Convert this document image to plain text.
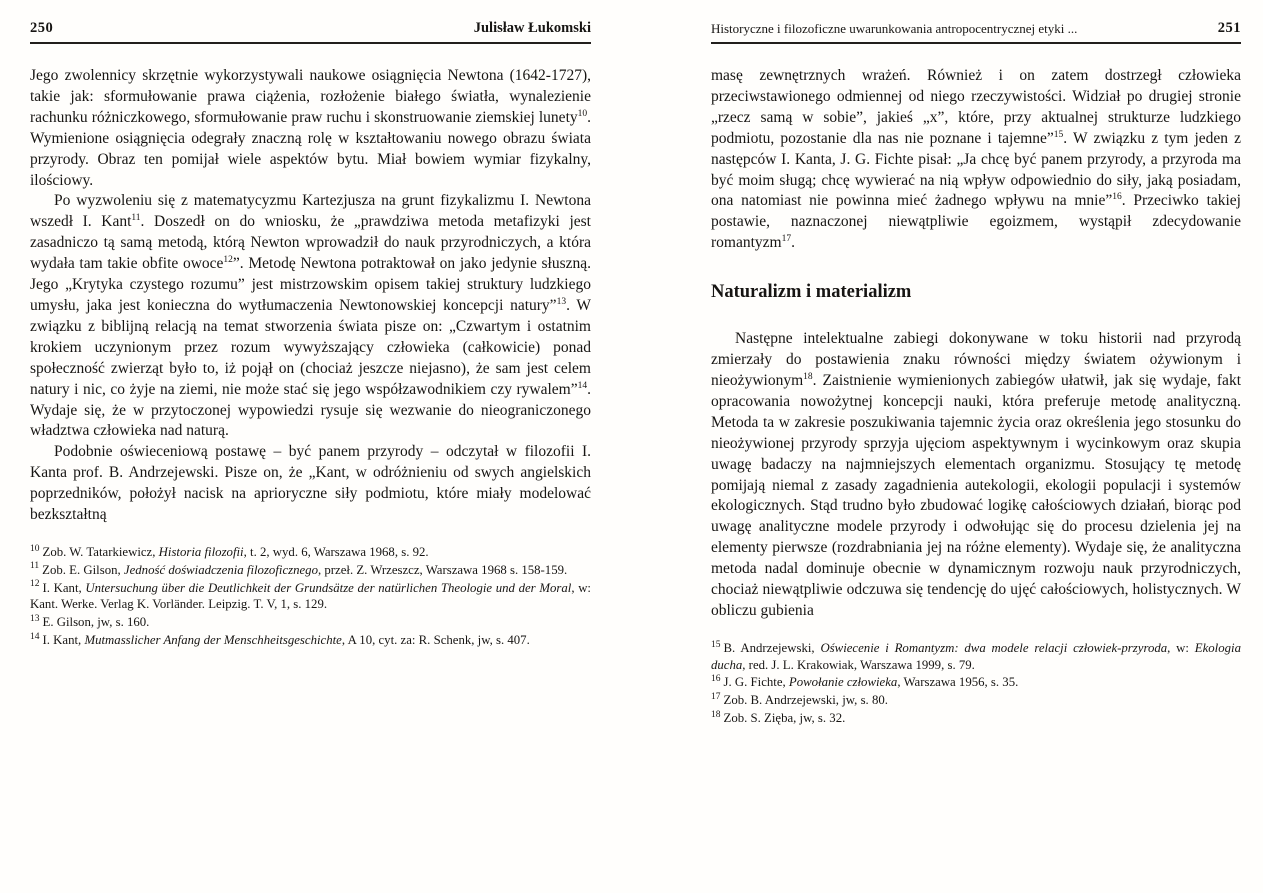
250	Julisław Łukomski

Jego zwolennicy skrzętnie wykorzystywali naukowe osiągnięcia Newtona (1642-1727), takie jak: sformułowanie prawa ciążenia, rozłożenie białego światła, wynalezienie rachunku różniczkowego, sformułowanie praw ruchu i skonstruowanie ziemskiej lunety$^{10}$. Wymienione osiągnięcia odegrały znaczną rolę w kształtowaniu nowego obrazu świata przyrody. Obraz ten pomijał wiele aspektów bytu. Miał bowiem wymiar fizykalny, ilościowy.

Po wyzwoleniu się z matematycyzmu Kartezjusza na grunt fizykalizmu I. Newtona wszedł I. Kant$^{11}$. Doszedł on do wniosku, że „prawdziwa metoda metafizyki jest zasadniczo tą samą metodą, którą Newton wprowadził do nauk przyrodniczych, a która wydała tam takie obfite owoce$^{12}$”. Metodę Newtona potraktował on jako jedynie słuszną. Jego „Krytyka czystego rozumu” jest mistrzowskim opisem takiej struktury ludzkiego umysłu, jaka jest konieczna do wytłumaczenia Newtonowskiej koncepcji natury”$^{13}$. W związku z biblijną relacją na temat stworzenia świata pisze on: „Czwartym i ostatnim krokiem uczynionym przez rozum wywyższający człowieka (całkowicie) ponad społeczność zwierząt było to, iż pojął on (chociaż jeszcze niejasno), że sam jest celem natury i nic, co żyje na ziemi, nie może stać się jego współzawodnikiem czy rywalem”$^{14}$. Wydaje się, że w przytoczonej wypowiedzi rysuje się wezwanie do nieograniczonego władztwa człowieka nad naturą.

Podobnie oświeceniową postawę – być panem przyrody – odczytał w filozofii I. Kanta prof. B. Andrzejewski. Pisze on, że „Kant, w odróżnieniu od swych angielskich poprzedników, położył nacisk na aprioryczne siły podmiotu, które miały modelować bezkształtną

$^{10}$ Zob. W. Tatarkiewicz, Historia filozofii, t. 2, wyd. 6, Warszawa 1968, s. 92.

$^{11}$ Zob. E. Gilson, Jedność doświadczenia filozoficznego, przeł. Z. Wrzeszcz, Warszawa 1968 s. 158-159.

$^{12}$ I. Kant, Untersuchung über die Deutlichkeit der Grundsätze der natürlichen Theologie und der Moral, w: Kant. Werke. Verlag K. Vorländer. Leipzig. T. V, 1, s. 129.

$^{13}$ E. Gilson, jw, s. 160.

$^{14}$ I. Kant, Mutmasslicher Anfang der Menschheitsgeschichte, A 10, cyt. za: R. Schenk, jw, s. 407.

Historyczne i filozoficzne uwarunkowania antropocentrycznej etyki ...	251

masę zewnętrznych wrażeń. Również i on zatem dostrzegł człowieka przeciwstawionego odmiennej od niego rzeczywistości. Widział po drugiej stronie „rzecz samą w sobie”, jakieś „x”, które, przy aktualnej strukturze ludzkiego podmiotu, pozostanie dla nas nie poznane i tajemne”$^{15}$. W związku z tym jeden z następców I. Kanta, J. G. Fichte pisał: „Ja chcę być panem przyrody, a przyroda ma być moim sługą; chcę wywierać na nią wpływ odpowiednio do siły, jaką posiadam, ona natomiast nie powinna mieć żadnego wpływu na mnie”$^{16}$. Przeciwko takiej postawie, naznaczonej niewątpliwie egoizmem, wystąpił zdecydowanie romantyzm$^{17}$.

Naturalizm i materializm

Następne intelektualne zabiegi dokonywane w toku historii nad przyrodą zmierzały do postawienia znaku równości między światem ożywionym i nieożywionym$^{18}$. Zaistnienie wymienionych zabiegów ułatwił, jak się wydaje, fakt opracowania nowożytnej koncepcji nauki, która preferuje metodę analityczną. Metoda ta w zakresie poszukiwania tajemnic życia oraz określenia jego stosunku do nieożywionej przyrody sprzyja ujęciom aspektywnym i wycinkowym oraz skupia uwagę badaczy na najmniejszych elementach organizmu. Stosujący tę metodę pomijają niemal z zasady zagadnienia autekologii, ekologii populacji i systemów ekologicznych. Stąd trudno było zbudować logikę całościowych działań, biorąc pod uwagę analityczne modele przyrody i odwołując się do procesu dzielenia jej na elementy pierwsze (rozdrabniania jej na różne elementy). Wydaje się, że analityczna metoda nadal dominuje obecnie w dynamicznym rozwoju nauk przyrodniczych, chociaż niewątpliwie odczuwa się tendencję do ujęć całościowych, holistycznych. W obliczu gubienia

$^{15}$ B. Andrzejewski, Oświecenie i Romantyzm: dwa modele relacji człowiek-przyroda, w: Ekologia ducha, red. J. L. Krakowiak, Warszawa 1999, s. 79.

$^{16}$ J. G. Fichte, Powołanie człowieka, Warszawa 1956, s. 35.

$^{17}$ Zob. B. Andrzejewski, jw, s. 80.

$^{18}$ Zob. S. Zięba, jw, s. 32.
